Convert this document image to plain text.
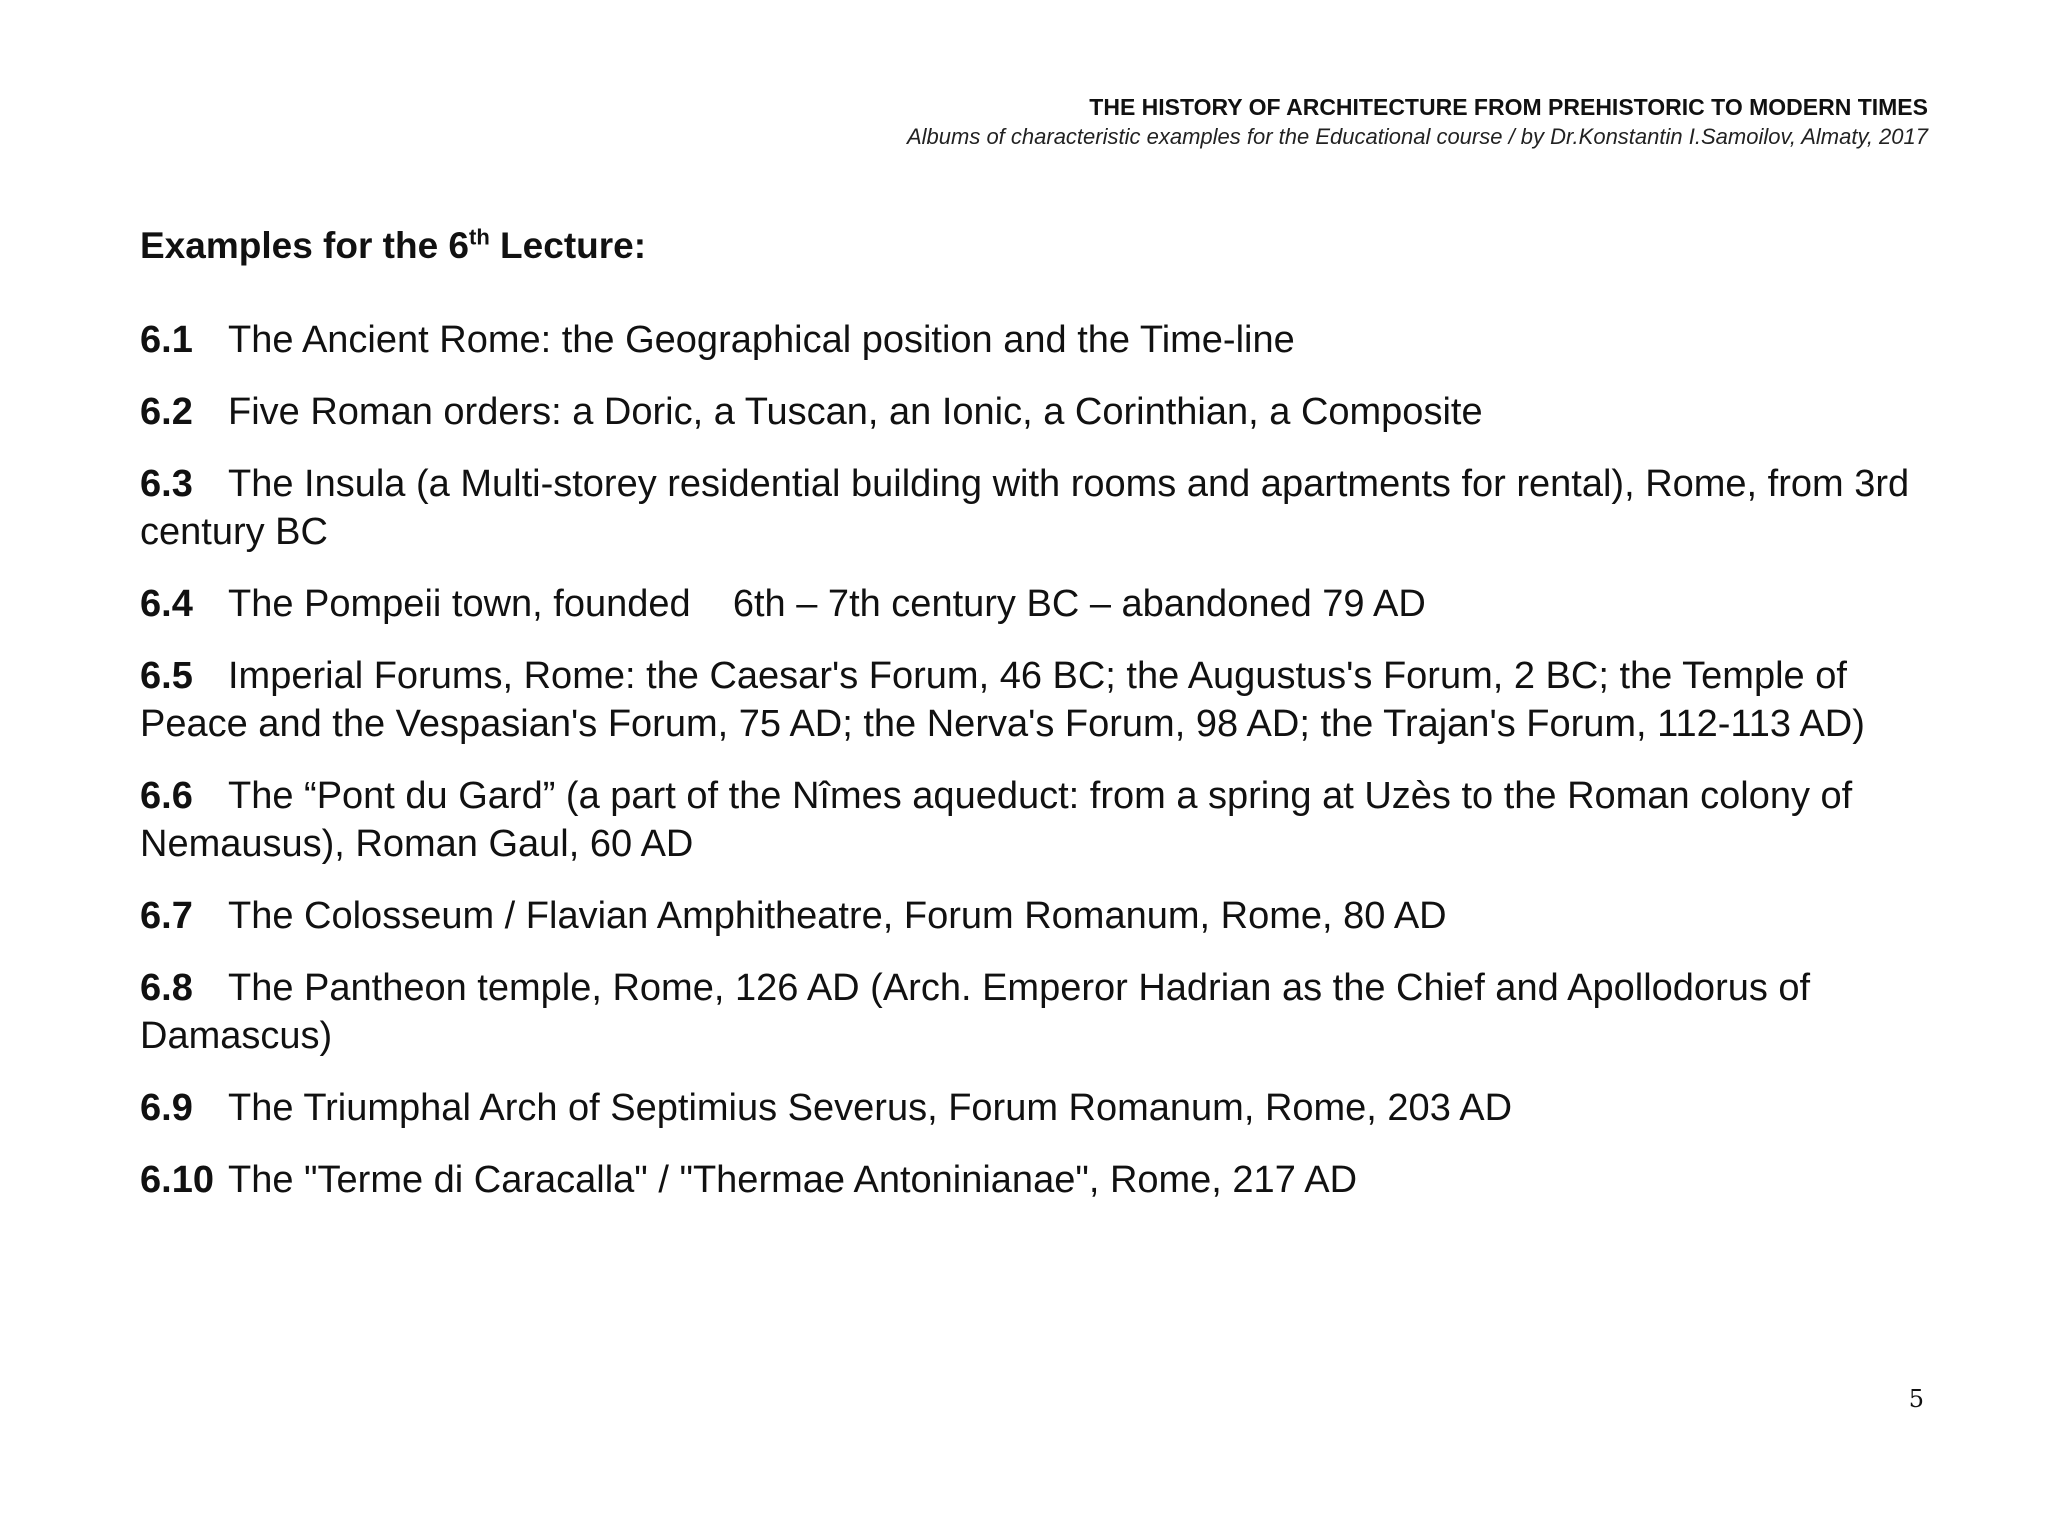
THE HISTORY OF ARCHITECTURE FROM PREHISTORIC TO MODERN TIMES
Albums of characteristic examples for the Educational course / by Dr.Konstantin I.Samoilov, Almaty, 2017
Examples for the 6th Lecture:
6.1 The Ancient Rome: the Geographical position and the Time-line
6.2 Five Roman orders: a Doric, a Tuscan, an Ionic, a Corinthian, a Composite
6.3 The Insula (a Multi-storey residential building with rooms and apartments for rental), Rome, from 3rd century BC
6.4 The Pompeii town, founded    6th – 7th century BC – abandoned 79 AD
6.5 Imperial Forums, Rome: the Caesar's Forum, 46 BC; the Augustus's Forum, 2 BC; the Temple of Peace and the Vespasian's Forum, 75 AD; the Nerva's Forum, 98 AD; the Trajan's Forum, 112-113 AD)
6.6 The “Pont du Gard” (a part of the Nîmes aqueduct: from a spring at Uzès to the Roman colony of Nemausus), Roman Gaul, 60 AD
6.7 The Colosseum / Flavian Amphitheatre, Forum Romanum, Rome, 80 AD
6.8 The Pantheon temple, Rome, 126 AD (Arch. Emperor Hadrian as the Chief and Apollodorus of Damascus)
6.9 The Triumphal Arch of Septimius Severus, Forum Romanum, Rome, 203 AD
6.10 The "Terme di Caracalla" / "Thermae Antoninianae", Rome, 217 AD
5
